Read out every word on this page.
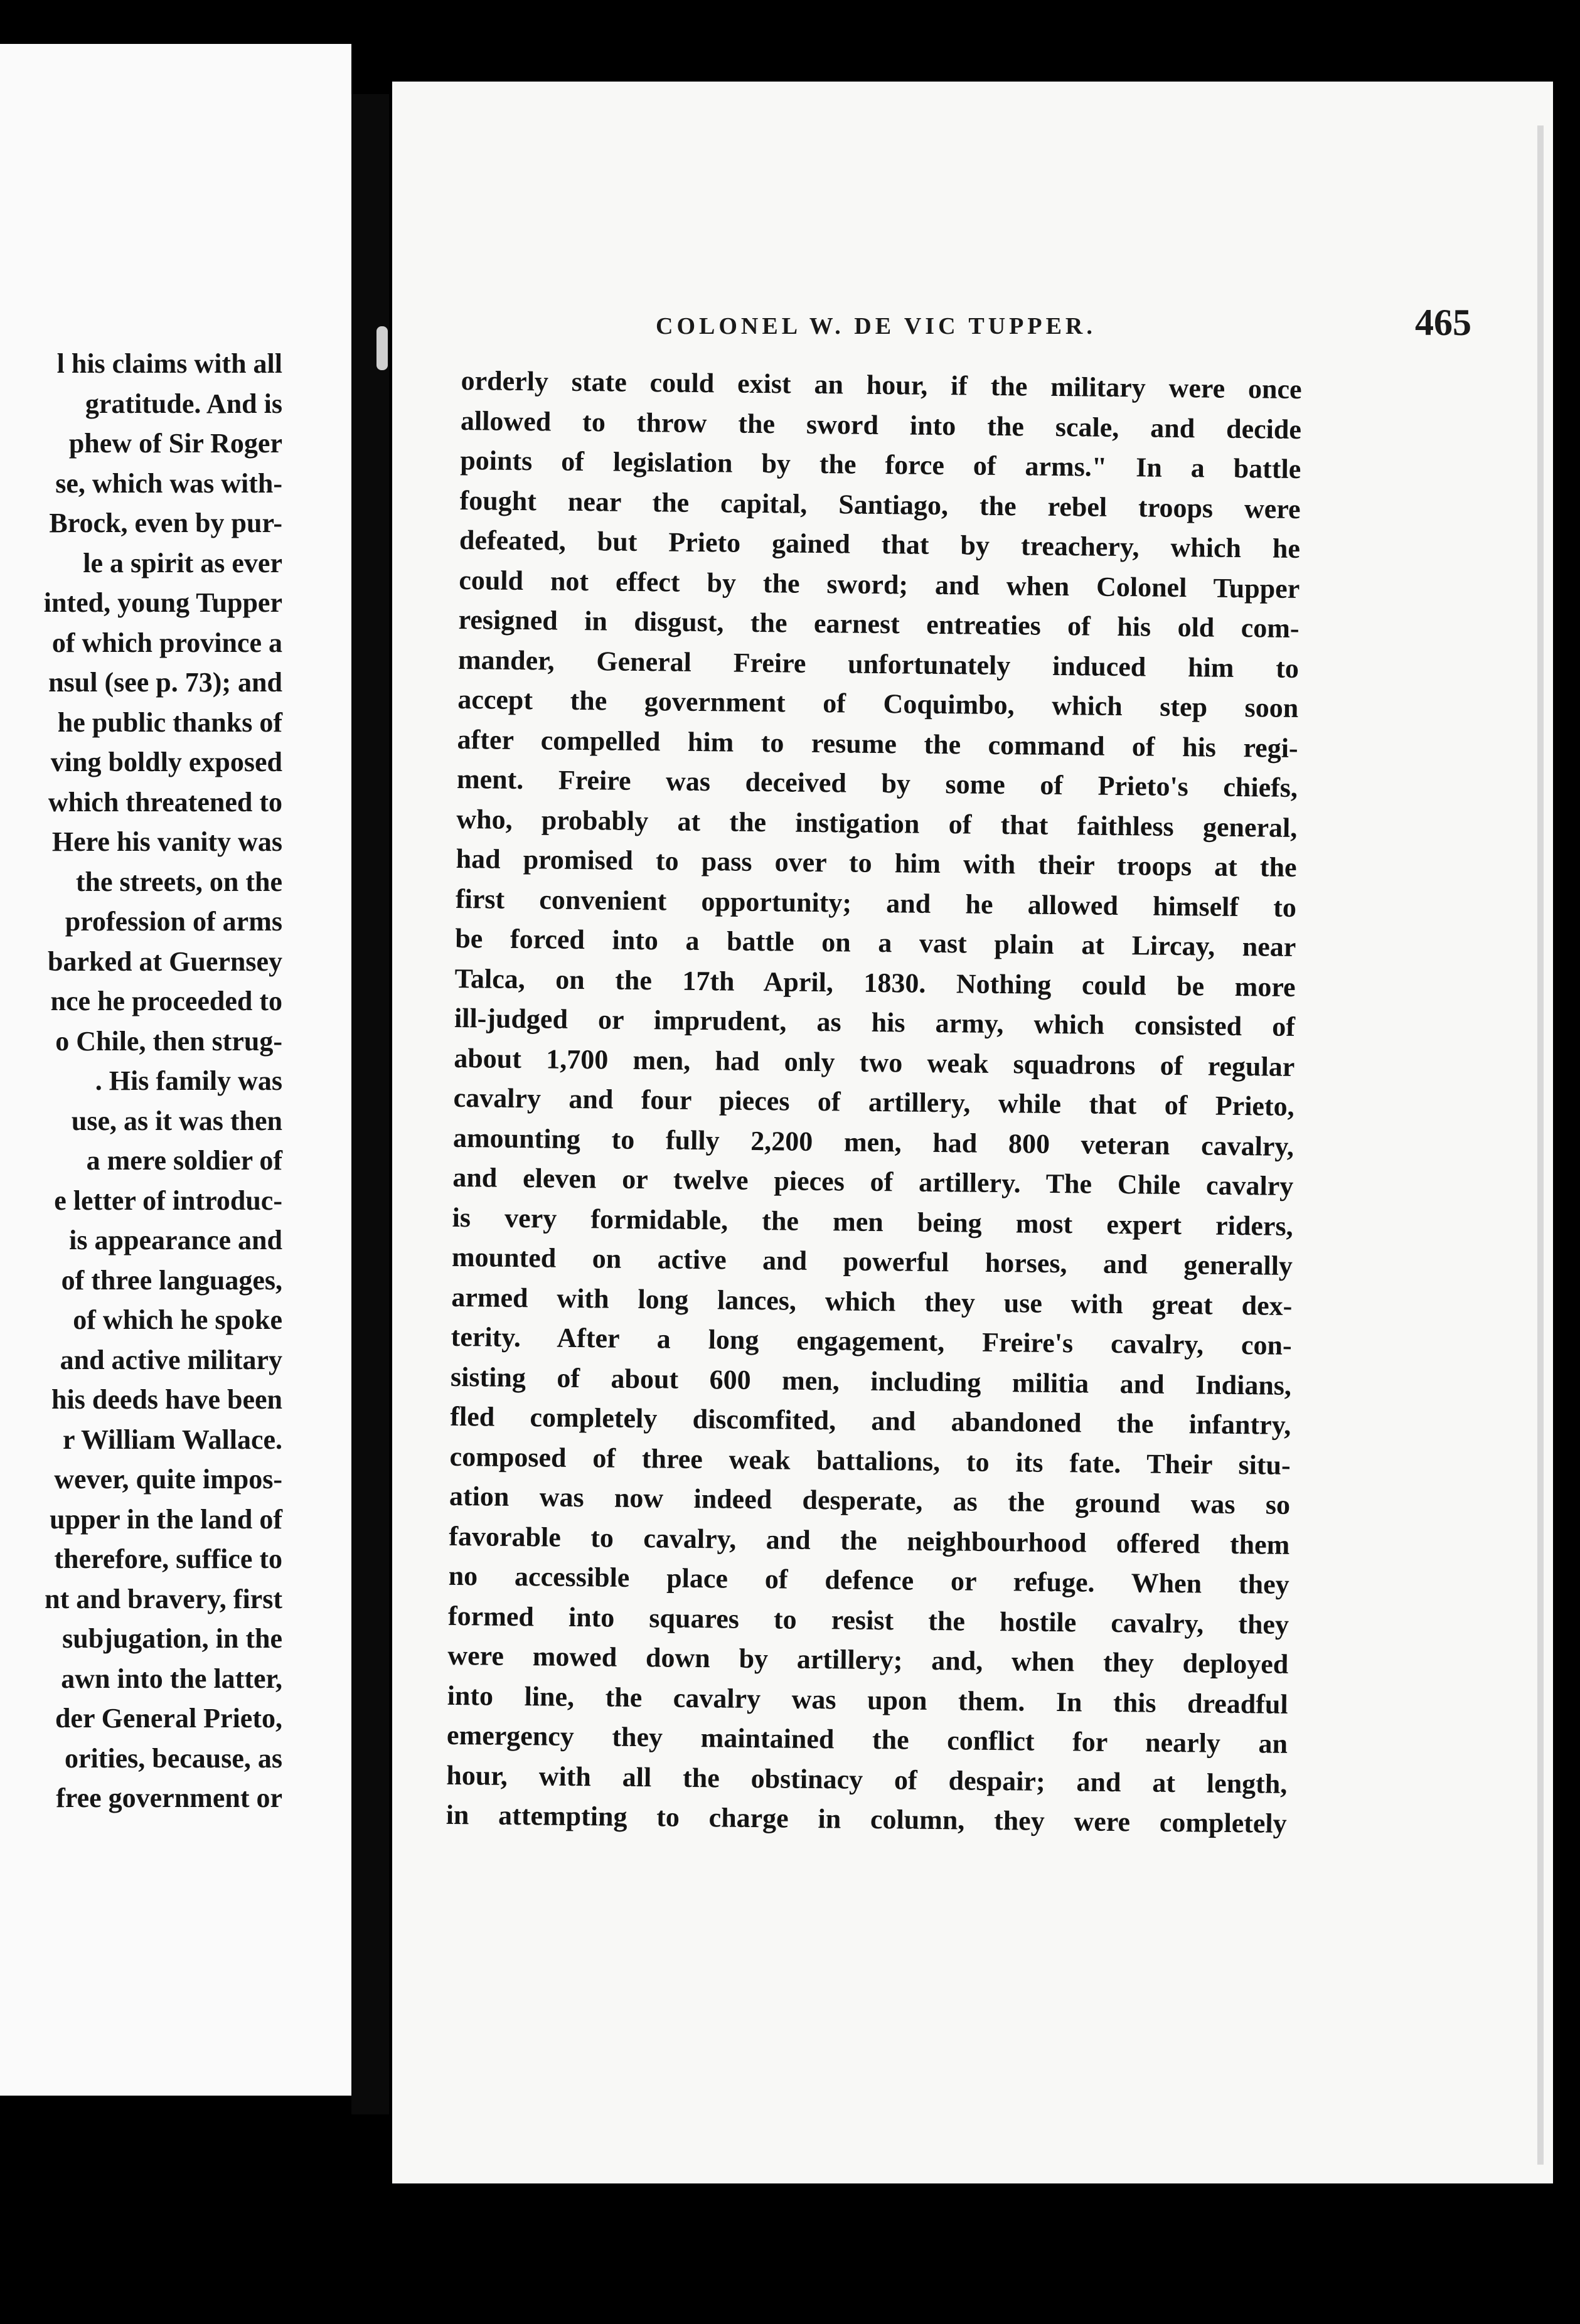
l his claims with all
gratitude. And is
phew of Sir Roger
se, which was with-
Brock, even by pur-
le a spirit as ever
inted, young Tupper
of which province a
nsul (see p. 73); and
he public thanks of
ving boldly exposed
which threatened to
Here his vanity was
the streets, on the
profession of arms
barked at Guernsey
nce he proceeded to
o Chile, then strug-
. His family was
use, as it was then
a mere soldier of
e letter of introduc-
is appearance and
of three languages,
of which he spoke
and active military
his deeds have been
r William Wallace.
wever, quite impos-
upper in the land of
therefore, suffice to
nt and bravery, first
subjugation, in the
awn into the latter,
der General Prieto,
orities, because, as
free government or
COLONEL W. DE VIC TUPPER.	465
orderly state could exist an hour, if the military were once
allowed to throw the sword into the scale, and decide
points of legislation by the force of arms." In a battle
fought near the capital, Santiago, the rebel troops were
defeated, but Prieto gained that by treachery, which he
could not effect by the sword; and when Colonel Tupper
resigned in disgust, the earnest entreaties of his old com-
mander, General Freire unfortunately induced him to
accept the government of Coquimbo, which step soon
after compelled him to resume the command of his regi-
ment. Freire was deceived by some of Prieto's chiefs,
who, probably at the instigation of that faithless general,
had promised to pass over to him with their troops at the
first convenient opportunity; and he allowed himself to
be forced into a battle on a vast plain at Lircay, near
Talca, on the 17th April, 1830. Nothing could be more
ill-judged or imprudent, as his army, which consisted of
about 1,700 men, had only two weak squadrons of regular
cavalry and four pieces of artillery, while that of Prieto,
amounting to fully 2,200 men, had 800 veteran cavalry,
and eleven or twelve pieces of artillery. The Chile cavalry
is very formidable, the men being most expert riders,
mounted on active and powerful horses, and generally
armed with long lances, which they use with great dex-
terity. After a long engagement, Freire's cavalry, con-
sisting of about 600 men, including militia and Indians,
fled completely discomfited, and abandoned the infantry,
composed of three weak battalions, to its fate. Their situ-
ation was now indeed desperate, as the ground was so
favorable to cavalry, and the neighbourhood offered them
no accessible place of defence or refuge. When they
formed into squares to resist the hostile cavalry, they
were mowed down by artillery; and, when they deployed
into line, the cavalry was upon them. In this dreadful
emergency they maintained the conflict for nearly an
hour, with all the obstinacy of despair; and at length,
in attempting to charge in column, they were completely
